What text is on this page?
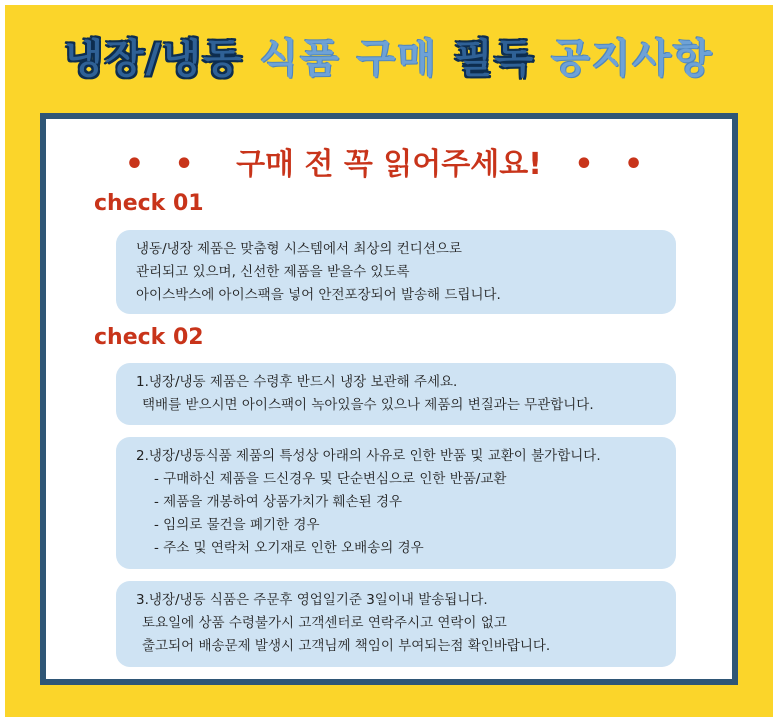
냉장/냉동 식품 구매 필독 공지사항
• • 구매 전 꼭 읽어주세요! • •
check 01
냉동/냉장 제품은 맞춤형 시스템에서 최상의 컨디션으로
관리되고 있으며, 신선한 제품을 받을수 있도록
아이스박스에 아이스팩을 넣어 안전포장되어 발송해 드립니다.
check 02
1.냉장/냉동 제품은 수령후 반드시 냉장 보관해 주세요.
택배를 받으시면 아이스팩이 녹아있을수 있으나 제품의 변질과는 무관합니다.
2.냉장/냉동식품 제품의 특성상 아래의 사유로 인한 반품 및 교환이 불가합니다.
- 구매하신 제품을 드신경우 및 단순변심으로 인한 반품/교환
- 제품을 개봉하여 상품가치가 훼손된 경우
- 임의로 물건을 폐기한 경우
- 주소 및 연락처 오기재로 인한 오배송의 경우
3.냉장/냉동 식품은 주문후 영업일기준 3일이내 발송됩니다.
토요일에 상품 수령불가시 고객센터로 연락주시고 연락이 없고
출고되어 배송문제 발생시 고객님께 책임이 부여되는점 확인바랍니다.
